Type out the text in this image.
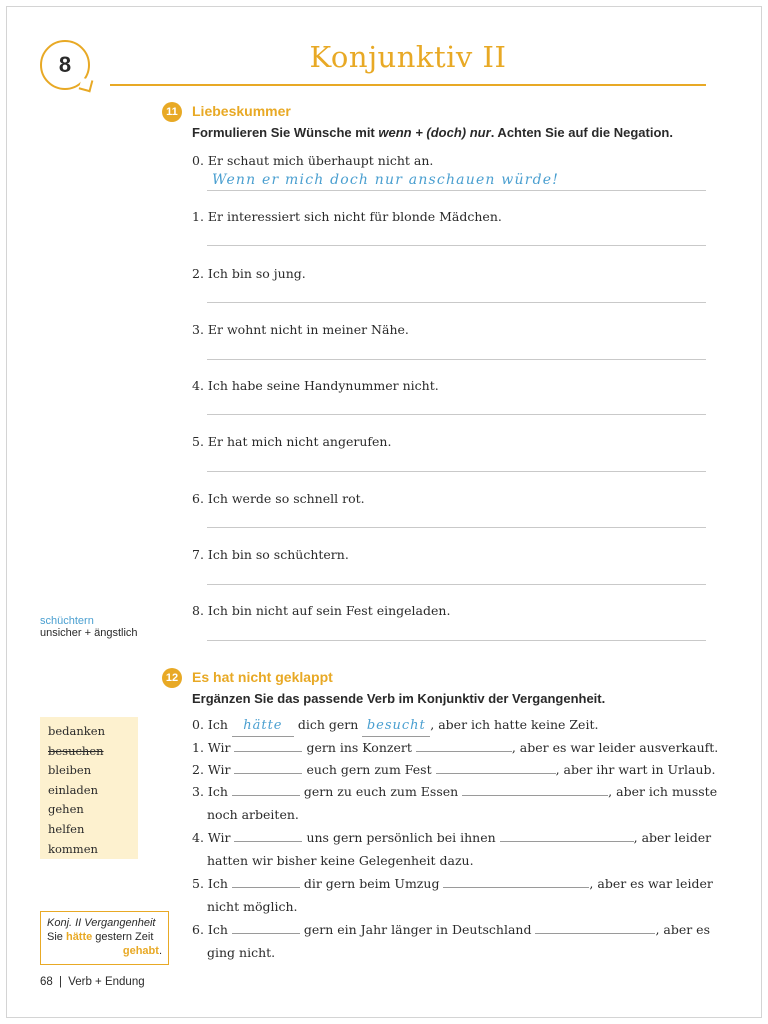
8	Konjunktiv II
11 Liebeskummer
Formulieren Sie Wünsche mit wenn + (doch) nur. Achten Sie auf die Negation.
0. Er schaut mich überhaupt nicht an.
Wenn er mich doch nur anschauen würde!
1. Er interessiert sich nicht für blonde Mädchen.
2. Ich bin so jung.
3. Er wohnt nicht in meiner Nähe.
4. Ich habe seine Handynummer nicht.
5. Er hat mich nicht angerufen.
6. Ich werde so schnell rot.
7. Ich bin so schüchtern.
8. Ich bin nicht auf sein Fest eingeladen.
schüchtern
unsicher + ängstlich
12 Es hat nicht geklappt
Ergänzen Sie das passende Verb im Konjunktiv der Vergangenheit.
bedanken
besuchen
bleiben
einladen
gehen
helfen
kommen
0. Ich hätte dich gern besucht , aber ich hatte keine Zeit.
1. Wir	gern ins Konzert	, aber es war leider ausverkauft.
2. Wir	euch gern zum Fest	, aber ihr wart in Urlaub.
3. Ich	gern zu euch zum Essen	, aber ich musste
noch arbeiten.
4. Wir	uns gern persönlich bei ihnen	, aber leider
hatten wir bisher keine Gelegenheit dazu.
5. Ich	dir gern beim Umzug	, aber es war leider
nicht möglich.
6. Ich	gern ein Jahr länger in Deutschland	, aber es
ging nicht.
Konj. II Vergangenheit
Sie hätte gestern Zeit
gehabt.
68 | Verb + Endung
